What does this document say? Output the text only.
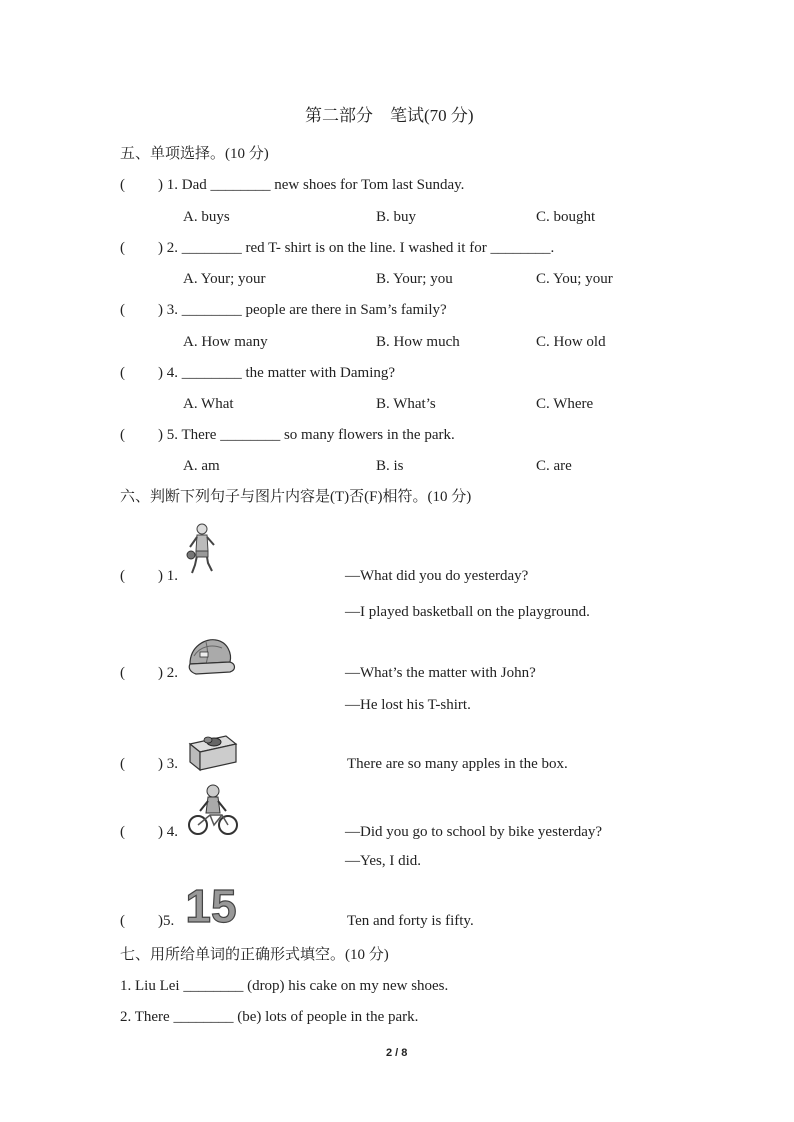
第二部分　笔试(70 分)
五、单项选择。(10 分)
( ) 1. Dad ________ new shoes for Tom last Sunday.
A. buys	B. buy	C. bought
( ) 2. ________ red T- shirt is on the line. I washed it for ________.
A. Your; your	B. Your; you	C. You; your
( ) 3. ________ people are there in Sam’s family?
A. How many	B. How much	C. How old
( ) 4. ________ the matter with Daming?
A. What	B. What’s	C. Where
( ) 5. There ________ so many flowers in the park.
A. am	B. is	C. are
六、判断下列句子与图片内容是(T)否(F)相符。(10 分)
( ) 1.	—What did you do yesterday?
—I played basketball on the playground.
( ) 2.	—What’s the matter with John?
—He lost his T-shirt.
( ) 3.	There are so many apples in the box.
( ) 4.	—Did you go to school by bike yesterday?
—Yes, I did.
( )5. 15	Ten and forty is fifty.
七、用所给单词的正确形式填空。(10 分)
1. Liu Lei ________ (drop) his cake on my new shoes.
2. There ________ (be) lots of people in the park.
2 / 8
